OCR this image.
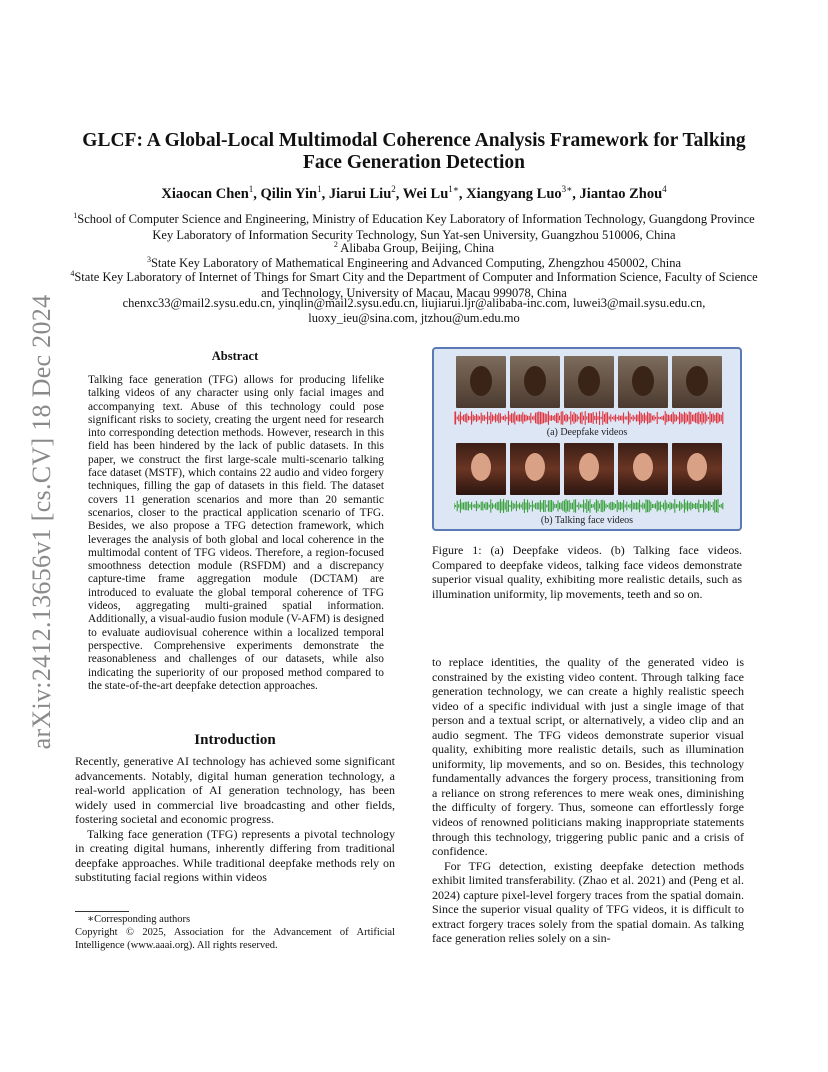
arXiv:2412.13656v1 [cs.CV] 18 Dec 2024
GLCF: A Global-Local Multimodal Coherence Analysis Framework for Talking Face Generation Detection
Xiaocan Chen$^1$, Qilin Yin$^1$, Jiarui Liu$^2$, Wei $Lu^{1∗}$, Xiangyang Luo$^{3∗}$, Jiantao Zhou$^4$
$^1$School of Computer Science and Engineering, Ministry of Education Key Laboratory of Information Technology, Guangdong Province Key Laboratory of Information Security Technology, Sun Yat-sen University, Guangzhou 510006, China
$^2$ Alibaba Group, Beijing, China
$^3$State Key Laboratory of Mathematical Engineering and Advanced Computing, Zhengzhou 450002, China
$^4$State Key Laboratory of Internet of Things for Smart City and the Department of Computer and Information Science, Faculty of Science and Technology, University of Macau, Macau 999078, China
chenxc33@mail2.sysu.edu.cn, yinqlin@mail2.sysu.edu.cn, liujiarui.ljr@alibaba-inc.com, luwei3@mail.sysu.edu.cn, luoxy_ieu@sina.com, jtzhou@um.edu.mo
Abstract
Talking face generation (TFG) allows for producing lifelike talking videos of any character using only facial images and accompanying text. Abuse of this technology could pose significant risks to society, creating the urgent need for research into corresponding detection methods. However, research in this field has been hindered by the lack of public datasets. In this paper, we construct the first large-scale multi-scenario talking face dataset (MSTF), which contains 22 audio and video forgery techniques, filling the gap of datasets in this field. The dataset covers 11 generation scenarios and more than 20 semantic scenarios, closer to the practical application scenario of TFG. Besides, we also propose a TFG detection framework, which leverages the analysis of both global and local coherence in the multimodal content of TFG videos. Therefore, a region-focused smoothness detection module (RSFDM) and a discrepancy capture-time frame aggregation module (DCTAM) are introduced to evaluate the global temporal coherence of TFG videos, aggregating multi-grained spatial information. Additionally, a visual-audio fusion module (V-AFM) is designed to evaluate audiovisual coherence within a localized temporal perspective. Comprehensive experiments demonstrate the reasonableness and challenges of our datasets, while also indicating the superiority of our proposed method compared to the state-of-the-art deepfake detection approaches.
Introduction

Recently, generative AI technology has achieved some significant advancements. Notably, digital human generation technology, a real-world application of AI generation technology, has been widely used in commercial live broadcasting and other fields, fostering societal and economic progress.

Talking face generation (TFG) represents a pivotal technology in creating digital humans, inherently differing from traditional deepfake approaches. While traditional deepfake methods rely on substituting facial regions within videos

∗Corresponding authors
Copyright © 2025, Association for the Advancement of Artificial Intelligence (www.aaai.org). All rights reserved.
(a) Deepfake videos
(b) Talking face videos
Figure 1: (a) Deepfake videos. (b) Talking face videos. Compared to deepfake videos, talking face videos demonstrate superior visual quality, exhibiting more realistic details, such as illumination uniformity, lip movements, teeth and so on.

to replace identities, the quality of the generated video is constrained by the existing video content. Through talking face generation technology, we can create a highly realistic speech video of a specific individual with just a single image of that person and a textual script, or alternatively, a video clip and an audio segment. The TFG videos demonstrate superior visual quality, exhibiting more realistic details, such as illumination uniformity, lip movements, and so on. Besides, this technology fundamentally advances the forgery process, transitioning from a reliance on strong references to mere weak ones, diminishing the difficulty of forgery. Thus, someone can effortlessly forge videos of renowned politicians making inappropriate statements through this technology, triggering public panic and a crisis of confidence.

For TFG detection, existing deepfake detection methods exhibit limited transferability. (Zhao et al. 2021) and (Peng et al. 2024) capture pixel-level forgery traces from the spatial domain. Since the superior visual quality of TFG videos, it is difficult to extract forgery traces solely from the spatial domain. As talking face generation relies solely on a sin-
